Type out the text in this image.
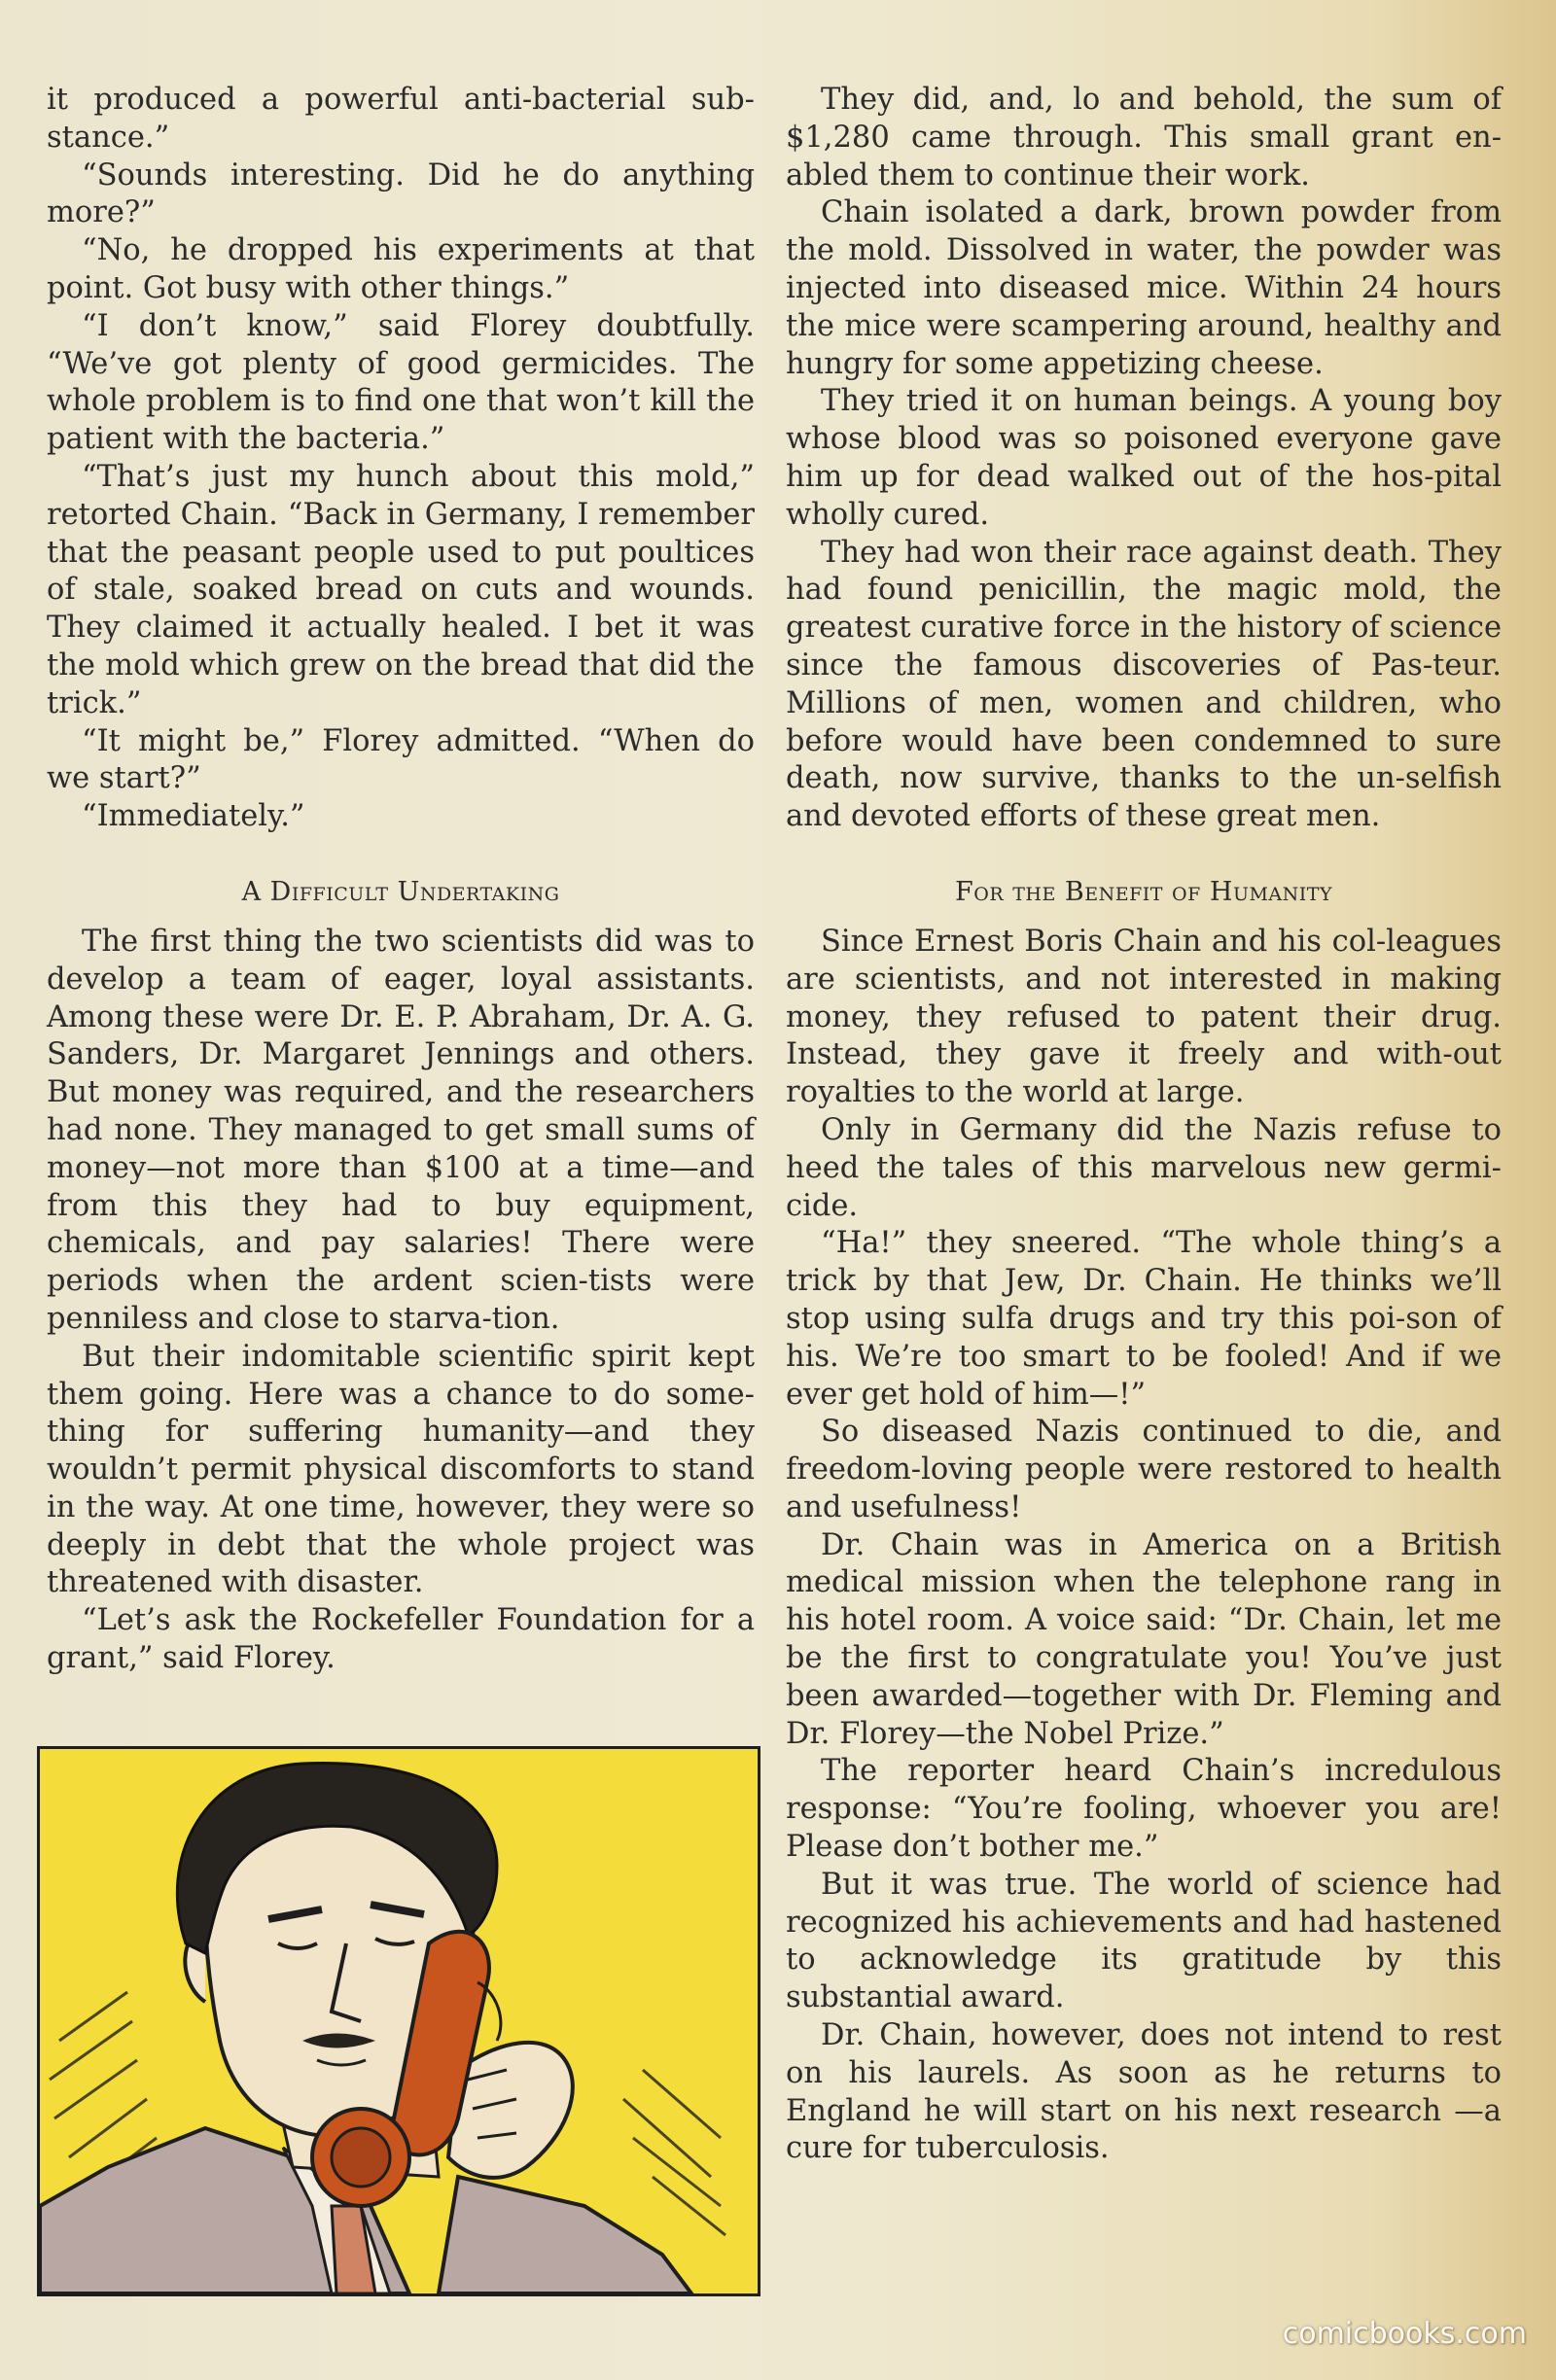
it produced a powerful anti-bacterial sub-stance.”

“Sounds interesting. Did he do anything more?”

“No, he dropped his experiments at that point. Got busy with other things.”

“I don’t know,” said Florey doubtfully. “We’ve got plenty of good germicides. The whole problem is to find one that won’t kill the patient with the bacteria.”

“That’s just my hunch about this mold,” retorted Chain. “Back in Germany, I remember that the peasant people used to put poultices of stale, soaked bread on cuts and wounds. They claimed it actually healed. I bet it was the mold which grew on the bread that did the trick.”

“It might be,” Florey admitted. “When do we start?”

“Immediately.”

A Difficult Undertaking

The first thing the two scientists did was to develop a team of eager, loyal assistants. Among these were Dr. E. P. Abraham, Dr. A. G. Sanders, Dr. Margaret Jennings and others. But money was required, and the researchers had none. They managed to get small sums of money—not more than $100 at a time—and from this they had to buy equipment, chemicals, and pay salaries! There were periods when the ardent scien-tists were penniless and close to starva-tion.

But their indomitable scientific spirit kept them going. Here was a chance to do some-thing for suffering humanity—and they wouldn’t permit physical discomforts to stand in the way. At one time, however, they were so deeply in debt that the whole project was threatened with disaster.

“Let’s ask the Rockefeller Foundation for a grant,” said Florey.

They did, and, lo and behold, the sum of $1,280 came through. This small grant en-abled them to continue their work.

Chain isolated a dark, brown powder from the mold. Dissolved in water, the powder was injected into diseased mice. Within 24 hours the mice were scampering around, healthy and hungry for some appetizing cheese.

They tried it on human beings. A young boy whose blood was so poisoned everyone gave him up for dead walked out of the hos-pital wholly cured.

They had won their race against death. They had found penicillin, the magic mold, the greatest curative force in the history of science since the famous discoveries of Pas-teur. Millions of men, women and children, who before would have been condemned to sure death, now survive, thanks to the un-selfish and devoted efforts of these great men.

For the Benefit of Humanity

Since Ernest Boris Chain and his col-leagues are scientists, and not interested in making money, they refused to patent their drug. Instead, they gave it freely and with-out royalties to the world at large.

Only in Germany did the Nazis refuse to heed the tales of this marvelous new germi-cide.

“Ha!” they sneered. “The whole thing’s a trick by that Jew, Dr. Chain. He thinks we’ll stop using sulfa drugs and try this poi-son of his. We’re too smart to be fooled! And if we ever get hold of him—!”

So diseased Nazis continued to die, and freedom-loving people were restored to health and usefulness!

Dr. Chain was in America on a British medical mission when the telephone rang in his hotel room. A voice said: “Dr. Chain, let me be the first to congratulate you! You’ve just been awarded—together with Dr. Fleming and Dr. Florey—the Nobel Prize.”

The reporter heard Chain’s incredulous response: “You’re fooling, whoever you are! Please don’t bother me.”

But it was true. The world of science had recognized his achievements and had hastened to acknowledge its gratitude by this substantial award.

Dr. Chain, however, does not intend to rest on his laurels. As soon as he returns to England he will start on his next research —a cure for tuberculosis.

comicbooks.com
